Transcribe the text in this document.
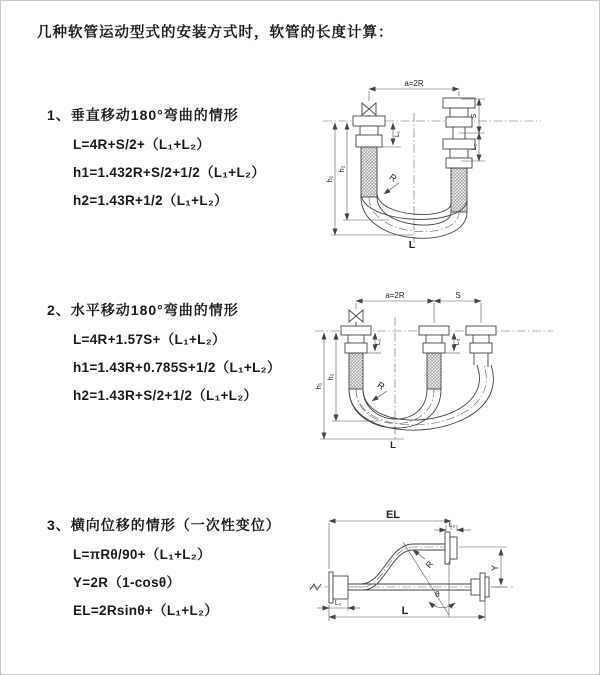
几种软管运动型式的安装方式时，软管的长度计算：
1、垂直移动180°弯曲的情形
L=4R+S/2+（L₁+L₂）
h1=1.432R+S/2+1/2（L₁+L₂）
h2=1.43R+1/2（L₁+L₂）
2、水平移动180°弯曲的情形
L=4R+1.57S+（L₁+L₂）
h1=1.43R+0.785S+1/2（L₁+L₂）
h2=1.43R+S/2+1/2（L₁+L₂）
3、横向位移的情形（一次性变位）
L=πRθ/90+（L₁+L₂）
Y=2R（1-cosθ）
EL=2Rsinθ+（L₁+L₂）
a=2R
h₁
h₂
L₁
S
L₂
R
L
a=2R	S
h₁
h₂
L₁	L₂
R
L
EL
L₂
Y
θ
R
L₁
L
